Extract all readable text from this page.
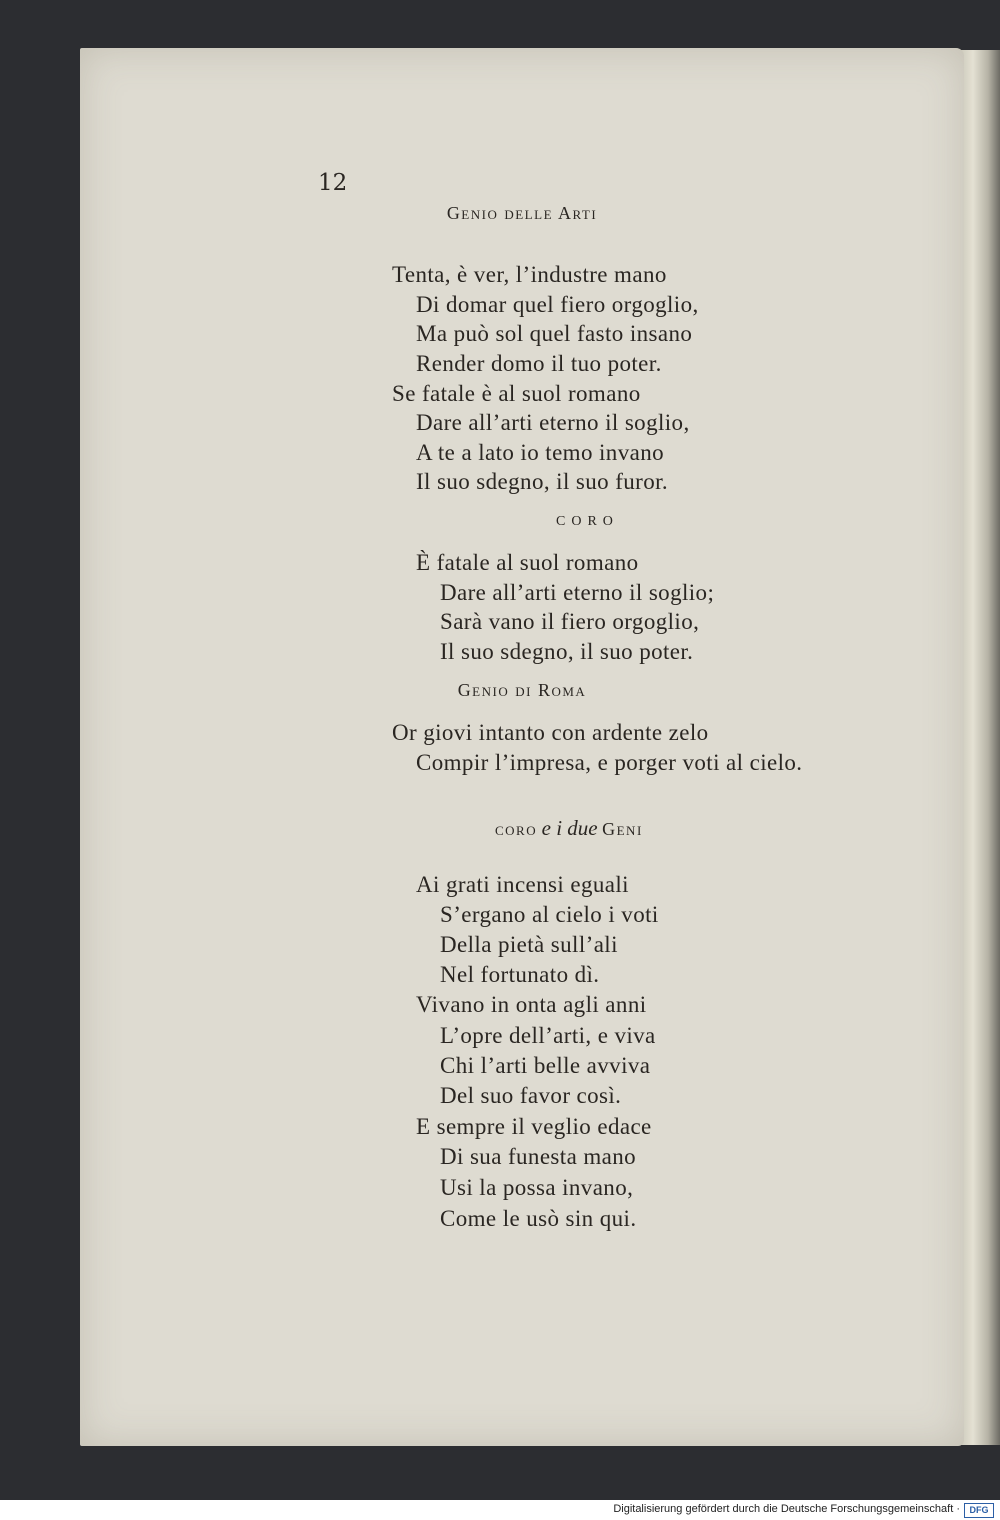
12
Genio delle Arti
Tenta, è ver, l’industre mano
Di domar quel fiero orgoglio,
Ma può sol quel fasto insano
Render domo il tuo poter.
Se fatale è al suol romano
Dare all’arti eterno il soglio,
A te a lato io temo invano
Il suo sdegno, il suo furor.
CORO
È fatale al suol romano
Dare all’arti eterno il soglio;
Sarà vano il fiero orgoglio,
Il suo sdegno, il suo poter.
Genio di Roma
Or giovi intanto con ardente zelo
Compir l’impresa, e porger voti al cielo.
coro e i due Geni
Ai grati incensi eguali
S’ergano al cielo i voti
Della pietà sull’ali
Nel fortunato dì.
Vivano in onta agli anni
L’opre dell’arti, e viva
Chi l’arti belle avviva
Del suo favor così.
E sempre il veglio edace
Di sua funesta mano
Usi la possa invano,
Come le usò sin qui.
Digitalisierung gefördert durch die Deutsche Forschungsgemeinschaft ·	DFG
